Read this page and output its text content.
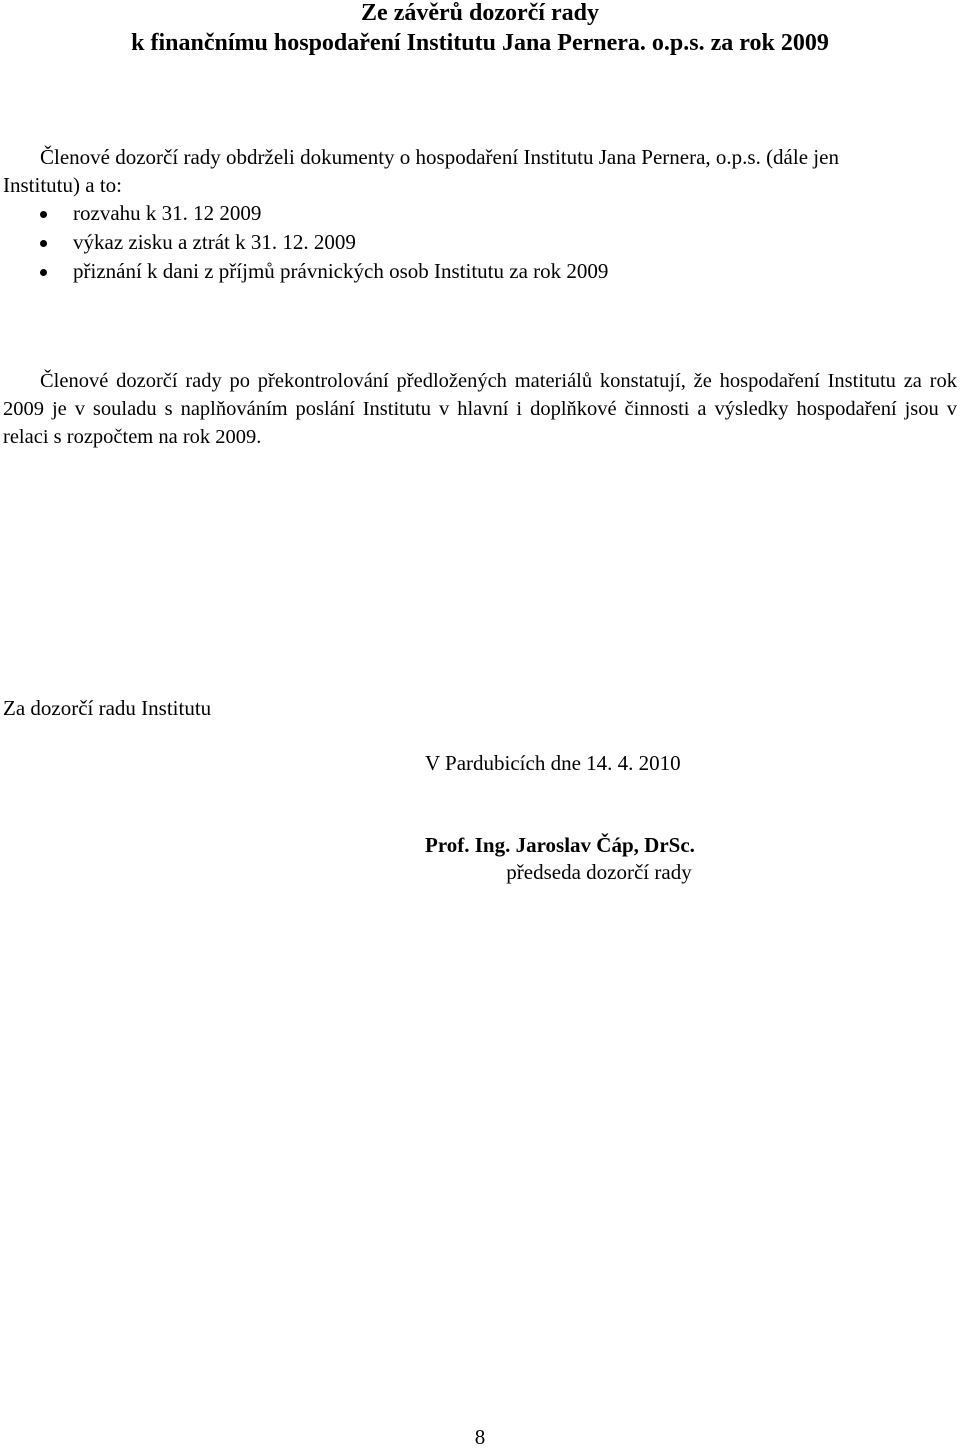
Ze závěrů dozorčí rady
k finančnímu hospodaření Institutu Jana Pernera. o.p.s. za rok 2009
Členové dozorčí rady obdrželi dokumenty o hospodaření Institutu Jana Pernera, o.p.s. (dále jen
Institutu) a to:
rozvahu k 31. 12 2009
výkaz zisku a ztrát k 31. 12. 2009
přiznání k dani z příjmů právnických osob Institutu za rok 2009

Členové dozorčí rady po překontrolování předložených materiálů konstatují, že hospodaření Institutu za rok 2009 je v souladu s naplňováním poslání Institutu v hlavní i doplňkové činnosti a výsledky hospodaření jsou v relaci s rozpočtem na rok 2009.

Za dozorčí radu Institutu
V Pardubicích dne 14. 4. 2010
Prof. Ing. Jaroslav Čáp, DrSc.
předseda dozorčí rady
8
